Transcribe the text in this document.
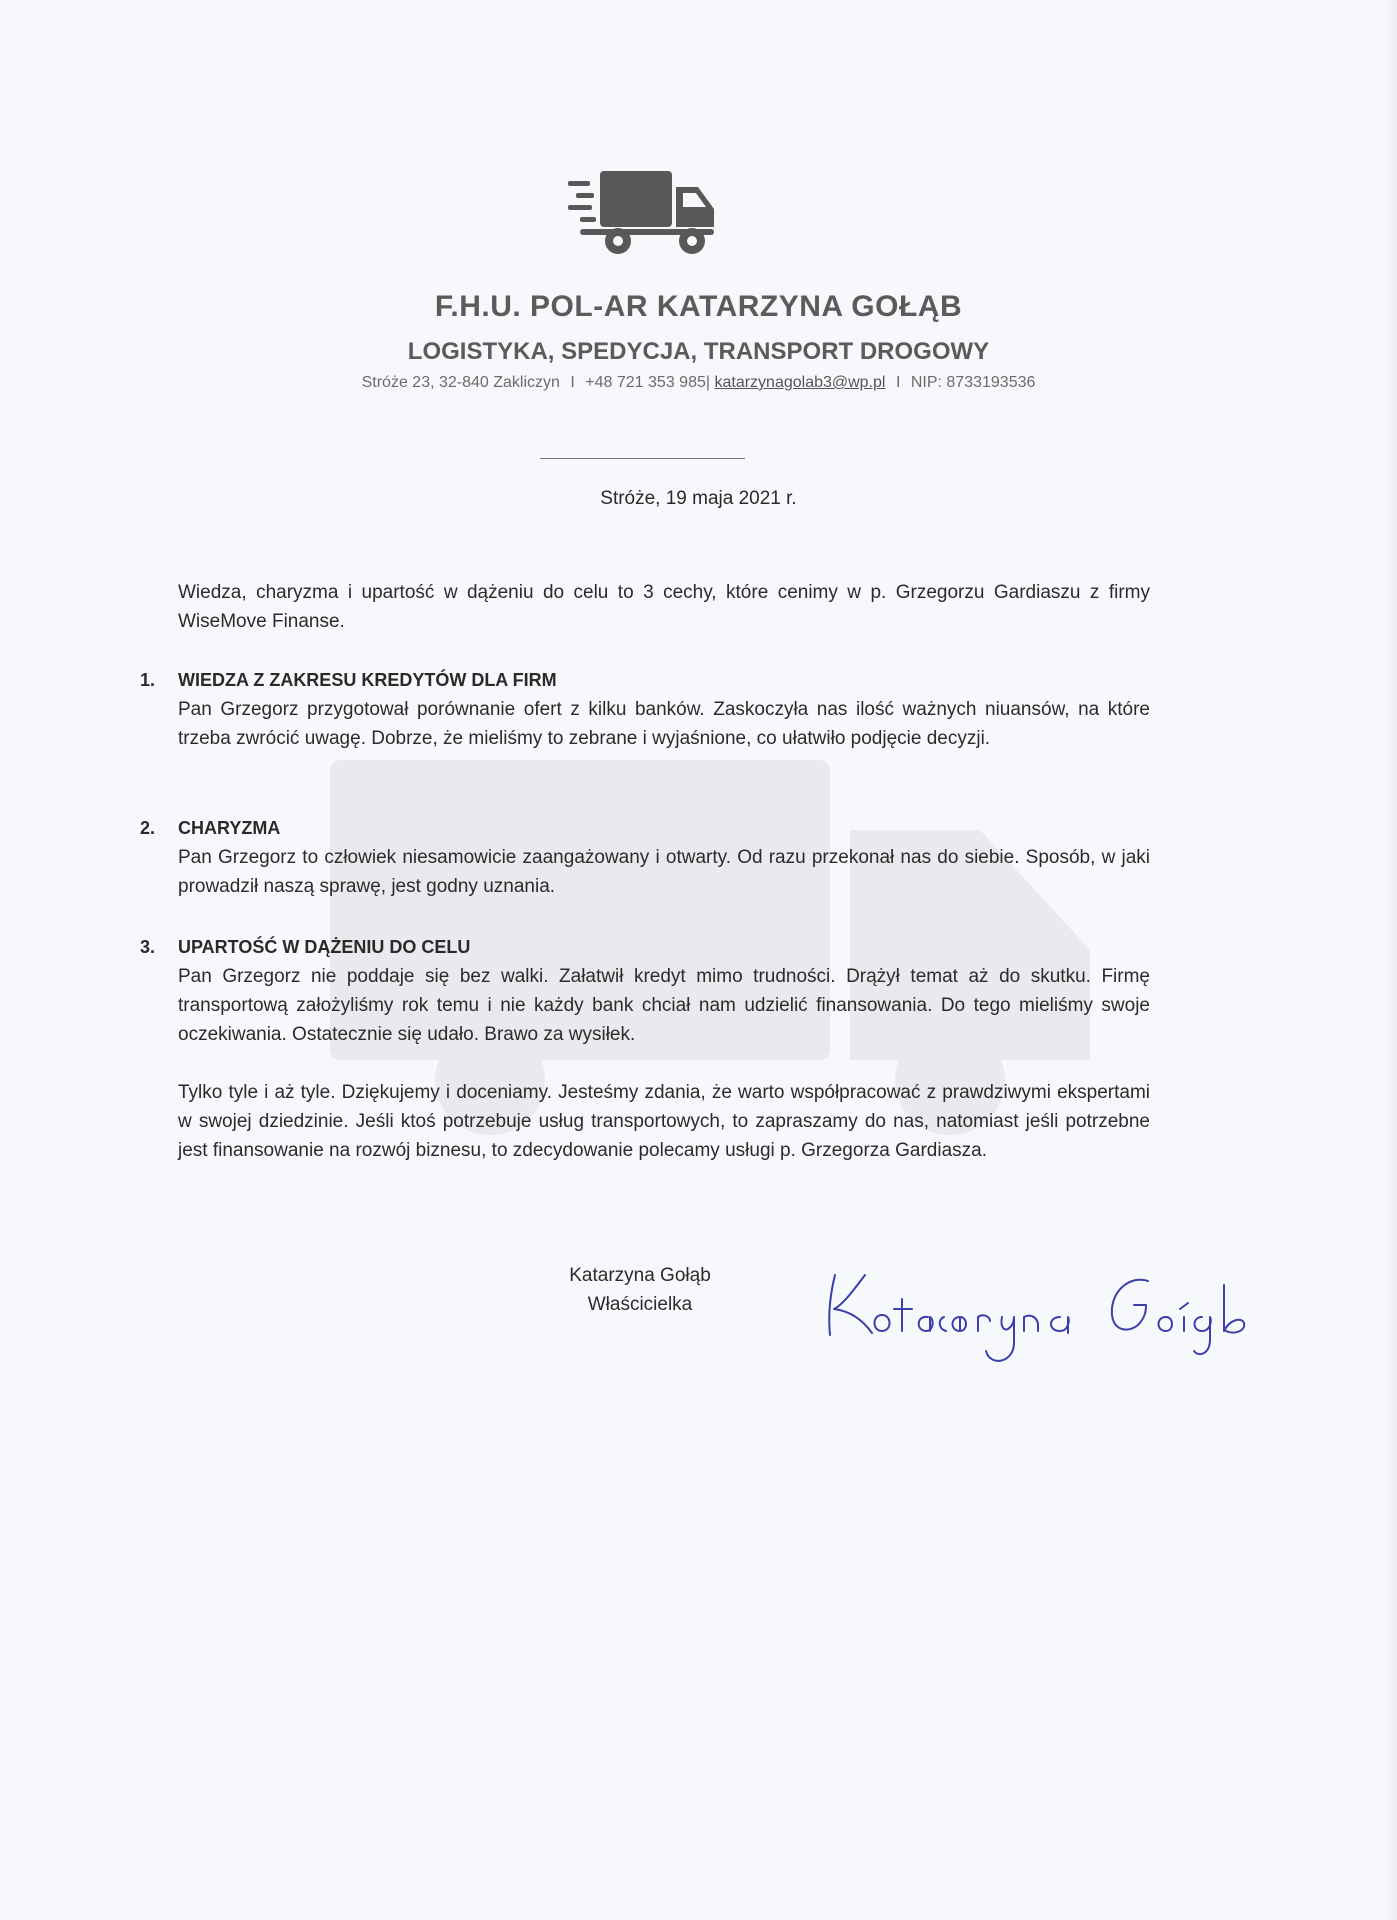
F.H.U. POL-AR KATARZYNA GOŁĄB
LOGISTYKA, SPEDYCJA, TRANSPORT DROGOWY
Stróże 23, 32-840 Zakliczyn I +48 721 353 985| katarzynagolab3@wp.pl I NIP: 8733193536
Stróże, 19 maja 2021 r.
Wiedza, charyzma i upartość w dążeniu do celu to 3 cechy, które cenimy w p. Grzegorzu Gardiaszu z firmy WiseMove Finanse.
1. WIEDZA Z ZAKRESU KREDYTÓW DLA FIRM
Pan Grzegorz przygotował porównanie ofert z kilku banków. Zaskoczyła nas ilość ważnych niuansów, na które trzeba zwrócić uwagę. Dobrze, że mieliśmy to zebrane i wyjaśnione, co ułatwiło podjęcie decyzji.
2. CHARYZMA
Pan Grzegorz to człowiek niesamowicie zaangażowany i otwarty. Od razu przekonał nas do siebie. Sposób, w jaki prowadził naszą sprawę, jest godny uznania.
3. UPARTOŚĆ W DĄŻENIU DO CELU
Pan Grzegorz nie poddaje się bez walki. Załatwił kredyt mimo trudności. Drążył temat aż do skutku. Firmę transportową założyliśmy rok temu i nie każdy bank chciał nam udzielić finansowania. Do tego mieliśmy swoje oczekiwania. Ostatecznie się udało. Brawo za wysiłek.
Tylko tyle i aż tyle. Dziękujemy i doceniamy. Jesteśmy zdania, że warto współpracować z prawdziwymi ekspertami w swojej dziedzinie. Jeśli ktoś potrzebuje usług transportowych, to zapraszamy do nas, natomiast jeśli potrzebne jest finansowanie na rozwój biznesu, to zdecydowanie polecamy usługi p. Grzegorza Gardiasza.
Katarzyna Gołąb
Właścicielka
